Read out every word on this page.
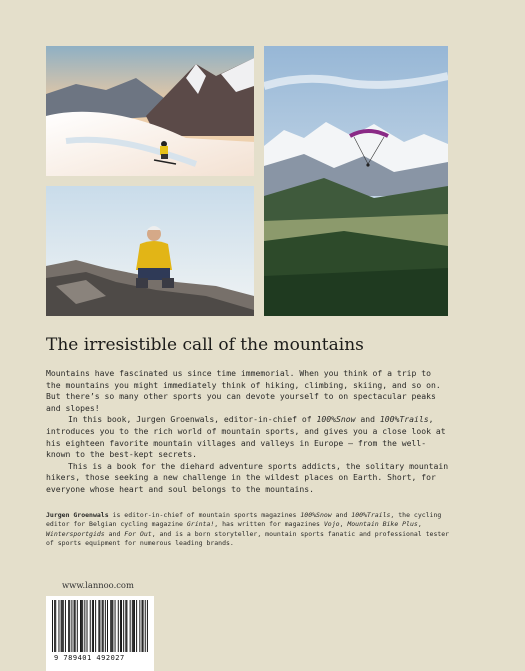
The irresistible call of the mountains

Mountains have fascinated us since time immemorial. When you think of a trip to the mountains you might immediately think of hiking, climbing, skiing, and so on. But there’s so many other sports you can devote yourself to on spectacular peaks and slopes!

In this book, Jurgen Groenwals, editor-in-chief of 100%Snow and 100%Trails, introduces you to the rich world of mountain sports, and gives you a close look at his eighteen favorite mountain villages and valleys in Europe – from the well-known to the best-kept secrets.

This is a book for the diehard adventure sports addicts, the solitary mountain hikers, those seeking a new challenge in the wildest places on Earth. Short, for everyone whose heart and soul belongs to the mountains.

Jurgen Groenwals is editor-in-chief of mountain sports magazines 100%Snow and 100%Trails, the cycling editor for Belgian cycling magazine Grinta!, has written for magazines Vojo, Mountain Bike Plus, Wintersportgids and For Out, and is a born storyteller, mountain sports fanatic and professional tester of sports equipment for numerous leading brands.
www.lannoo.com
9 789401 492027
